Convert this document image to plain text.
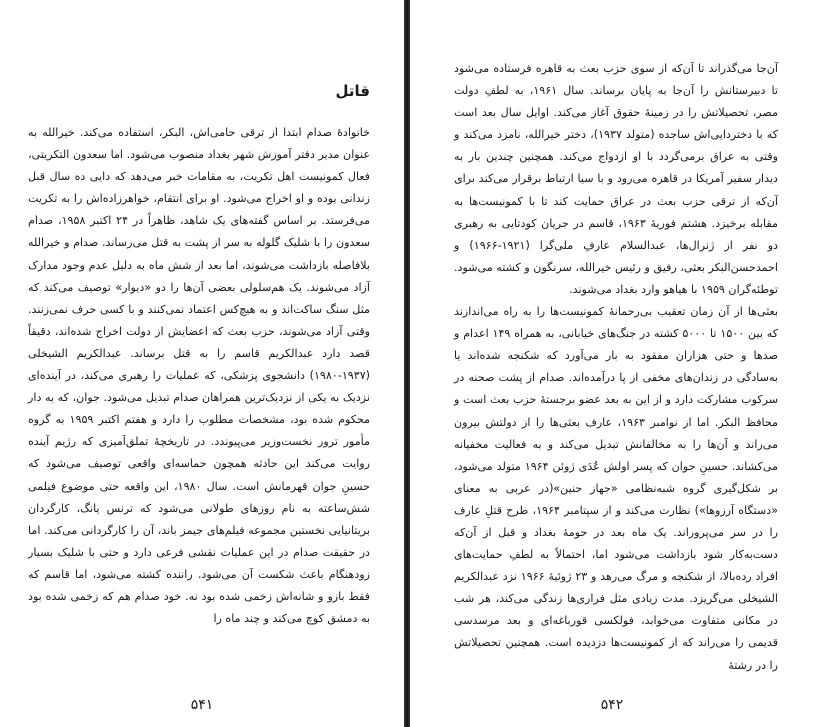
قاتل

خانوادهٔ صدام ابتدا از ترقی حامی‌اش، البکر، استفاده می‌کند. خیرالله به عنوان مدیر دفتر آموزش شهر بغداد منصوب می‌شود. اما سعدون التکریتی، فعال کمونیست اهل تکریت، به مقامات خبر می‌دهد که دایی ده سال قبل زندانی بوده و او اخراج می‌شود. او برای انتقام، خواهرزاده‌اش را به تکریت می‌فرستد. بر اساس گفته‌های یک شاهد، ظاهراً در ۲۴ اکتبر ۱۹۵۸، صدام سعدون را با شلیک گلوله به سر از پشت به قتل می‌رساند. صدام و خیرالله بلافاصله بازداشت می‌شوند، اما بعد از شش ماه به دلیل عدم وجود مدارک آزاد می‌شوند. یک هم‌سلولی بعضی آن‌ها را دو «دیوار» توصیف می‌کند که مثل سنگ ساکت‌اند و به هیچ‌کس اعتماد نمی‌کنند و با کسی حرف نمی‌زنند. وقتی آزاد می‌شوند، حزب بعث که اعضایش از دولت اخراج شده‌اند، دقیقاً قصد دارد عبدالکریم قاسم را به قتل برساند. عبدالکریم الشیخلی (۱۹۳۷-۱۹۸۰) دانشجوی پزشکی، که عملیات را رهبری می‌کند، در آینده‌ای نزدیک به یکی از نزدیک‌ترین همراهان صدام تبدیل می‌شود. جوان، که به دار محکوم شده بود، مشخصات مطلوب را دارد و هفتم اکتبر ۱۹۵۹ به گروه مأمور ترور نخست‌وزیر می‌پیوندد. در تاریخچهٔ تملق‌آمیزی که رژیم آینده روایت می‌کند این حادثه همچون حماسه‌ای واقعی توصیف می‌شود که حسینِ جوان قهرمانش است. سال ۱۹۸۰، این واقعه حتی موضوع فیلمی شش‌ساعته به نام روزهای طولانی می‌شود که ترنس یانگ، کارگردان بریتانیایی نخستین مجموعه فیلم‌های جیمز باند، آن را کارگردانی می‌کند. اما در حقیقت صدام در این عملیات نقشی فرعی دارد و حتی با شلیک بسیار زودهنگام باعث شکست آن می‌شود. راننده کشته می‌شود، اما قاسم که فقط بازو و شانه‌اش زخمی شده بود نه. خود صدام هم که زخمی شده بود به دمشق کوچ می‌کند و چند ماه را

۵۴۱

آن‌جا می‌گذراند تا آن‌که از سوی حزب بعث به قاهره فرستاده می‌شود تا دبیرستانش را آن‌جا به پایان برساند. سال ۱۹۶۱، به لطفِ دولت مصر، تحصیلاتش را در زمینهٔ حقوق آغاز می‌کند. اوایل سال بعد است که با دختردایی‌اش ساجده (متولد ۱۹۳۷)، دختر خیرالله، نامزد می‌کند و وقتی به عراق برمی‌گردد با او ازدواج می‌کند. همچنین چندین بار به دیدار سفیر آمریکا در قاهره می‌رود و با سیا ارتباط برقرار می‌کند برای آن‌که از ترقی حزب بعث در عراق حمایت کند تا با کمونیست‌ها به مقابله برخیزد. هشتم فوریهٔ ۱۹۶۳، قاسم در جریان کودتایی به رهبری دو نفر از ژنرال‌ها، عبدالسلام عارفِ ملی‌گرا (۱۹۲۱-۱۹۶۶) و احمدحسن‌البکر بعثی، رفیق و رئیس خیرالله، سرنگون و کشته می‌شود. توطئه‌گران ۱۹۵۹ با هیاهو وارد بغداد می‌شوند.

بعثی‌ها از آن زمان تعقیب بی‌رحمانهٔ کمونیست‌ها را به راه می‌اندازند که بین ۱۵۰۰ تا ۵۰۰۰ کشته در جنگ‌های خیابانی، به همراه ۱۴۹ اعدام و صدها و حتی هزاران مفقود به بار می‌آورد که شکنجه شده‌اند یا به‌سادگی در زندان‌های مخفی از پا درآمده‌اند. صدام از پشت صحنه در سرکوب مشارکت دارد و از این به بعد عضو برجستهٔ حزب بعث است و محافظ البکر. اما از نوامبر ۱۹۶۳، عارف بعثی‌ها را از دولتش بیرون می‌راند و آن‌ها را به مخالفانش تبدیل می‌کند و به فعالیت مخفیانه می‌کشاند. حسینِ جوان که پسر اولش عُدَی ژوئن ۱۹۶۴ متولد می‌شود، بر شکل‌گیری گروه شبه‌نظامی «جهاز حنین»(در عربی به معنای «دستگاه آرزوها») نظارت می‌کند و از سپتامبر ۱۹۶۴، طرح قتلِ عارف را در سر می‌پروراند. یک ماه بعد در حومهٔ بغداد و قبل از آن‌که دست‌به‌کار شود بازداشت می‌شود اما، احتمالاً به لطفِ حمایت‌های افراد رده‌بالا، از شکنجه و مرگ می‌رهد و ۲۳ ژوئیهٔ ۱۹۶۶ نزد عبدالکریم الشیخلی می‌گریزد. مدت زیادی مثل فراری‌ها زندگی می‌کند، هر شب در مکانی متفاوت می‌خوابد، فولکسی قورباغه‌ای و بعد مرسدسی قدیمی را می‌راند که از کمونیست‌ها دزدیده است. همچنین تحصیلاتش را در رشتهٔ

۵۴۲
